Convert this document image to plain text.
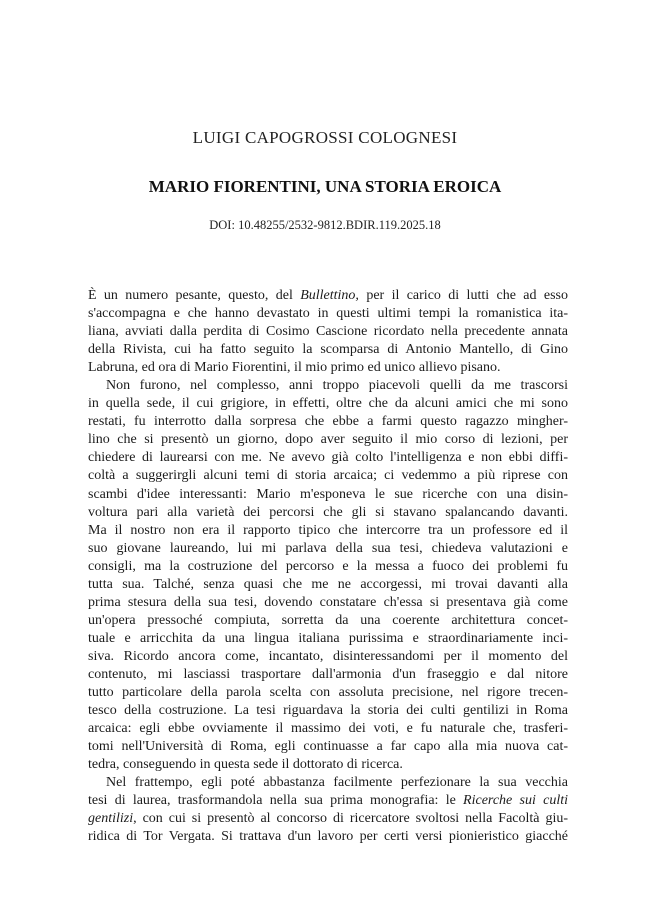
LUIGI CAPOGROSSI COLOGNESI
MARIO FIORENTINI, UNA STORIA EROICA
DOI: 10.48255/2532-9812.BDIR.119.2025.18
È un numero pesante, questo, del Bullettino, per il carico di lutti che ad esso
s'accompagna e che hanno devastato in questi ultimi tempi la romanistica ita-
liana, avviati dalla perdita di Cosimo Cascione ricordato nella precedente annata
della Rivista, cui ha fatto seguito la scomparsa di Antonio Mantello, di Gino
Labruna, ed ora di Mario Fiorentini, il mio primo ed unico allievo pisano.
Non furono, nel complesso, anni troppo piacevoli quelli da me trascorsi
in quella sede, il cui grigiore, in effetti, oltre che da alcuni amici che mi sono
restati, fu interrotto dalla sorpresa che ebbe a farmi questo ragazzo mingher-
lino che si presentò un giorno, dopo aver seguito il mio corso di lezioni, per
chiedere di laurearsi con me. Ne avevo già colto l'intelligenza e non ebbi diffi-
coltà a suggerirgli alcuni temi di storia arcaica; ci vedemmo a più riprese con
scambi d'idee interessanti: Mario m'esponeva le sue ricerche con una disin-
voltura pari alla varietà dei percorsi che gli si stavano spalancando davanti.
Ma il nostro non era il rapporto tipico che intercorre tra un professore ed il
suo giovane laureando, lui mi parlava della sua tesi, chiedeva valutazioni e
consigli, ma la costruzione del percorso e la messa a fuoco dei problemi fu
tutta sua. Talché, senza quasi che me ne accorgessi, mi trovai davanti alla
prima stesura della sua tesi, dovendo constatare ch'essa si presentava già come
un'opera pressoché compiuta, sorretta da una coerente architettura concet-
tuale e arricchita da una lingua italiana purissima e straordinariamente inci-
siva. Ricordo ancora come, incantato, disinteressandomi per il momento del
contenuto, mi lasciassi trasportare dall'armonia d'un fraseggio e dal nitore
tutto particolare della parola scelta con assoluta precisione, nel rigore trecen-
tesco della costruzione. La tesi riguardava la storia dei culti gentilizi in Roma
arcaica: egli ebbe ovviamente il massimo dei voti, e fu naturale che, trasferi-
tomi nell'Università di Roma, egli continuasse a far capo alla mia nuova cat-
tedra, conseguendo in questa sede il dottorato di ricerca.
Nel frattempo, egli poté abbastanza facilmente perfezionare la sua vecchia
tesi di laurea, trasformandola nella sua prima monografia: le Ricerche sui culti
gentilizi, con cui si presentò al concorso di ricercatore svoltosi nella Facoltà giu-
ridica di Tor Vergata. Si trattava d'un lavoro per certi versi pionieristico giacché
